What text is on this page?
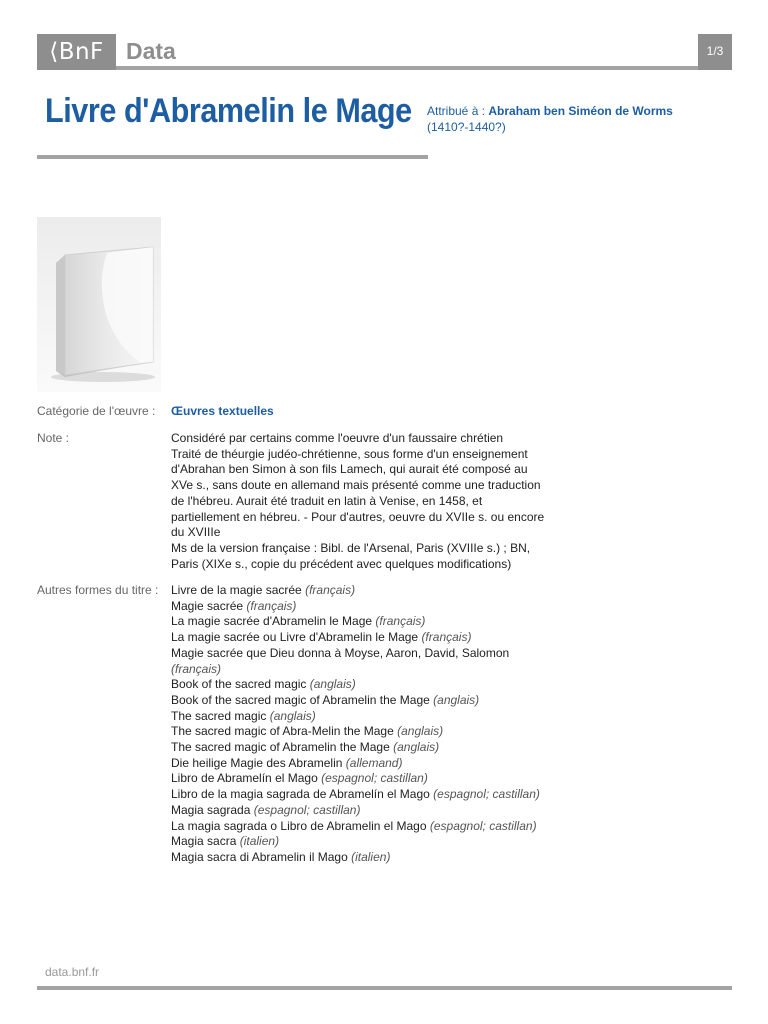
⟨BnF Data	1/3
Livre d'Abramelin le Mage Attribué à : Abraham ben Siméon de Worms
(1410?-1440?)
Catégorie de l'œuvre : Œuvres textuelles
Note :	Considéré par certains comme l'oeuvre d'un faussaire chrétien
Traité de théurgie judéo-chrétienne, sous forme d'un enseignement
d'Abrahan ben Simon à son fils Lamech, qui aurait été composé au
XVe s., sans doute en allemand mais présenté comme une traduction
de l'hébreu. Aurait été traduit en latin à Venise, en 1458, et
partiellement en hébreu. - Pour d'autres, oeuvre du XVIIe s. ou encore
du XVIIIe
Ms de la version française : Bibl. de l'Arsenal, Paris (XVIIIe s.) ; BN,
Paris (XIXe s., copie du précédent avec quelques modifications)
Autres formes du titre : Livre de la magie sacrée (français)
Magie sacrée (français)
La magie sacrée d'Abramelin le Mage (français)
La magie sacrée ou Livre d'Abramelin le Mage (français)
Magie sacrée que Dieu donna à Moyse, Aaron, David, Salomon (français)
Book of the sacred magic (anglais)
Book of the sacred magic of Abramelin the Mage (anglais)
The sacred magic (anglais)
The sacred magic of Abra-Melin the Mage (anglais)
The sacred magic of Abramelin the Mage (anglais)
Die heilige Magie des Abramelin (allemand)
Libro de Abramelín el Mago (espagnol; castillan)
Libro de la magia sagrada de Abramelín el Mago (espagnol; castillan)
Magia sagrada (espagnol; castillan)
La magia sagrada o Libro de Abramelin el Mago (espagnol; castillan)
Magia sacra (italien)
Magia sacra di Abramelin il Mago (italien)
data.bnf.fr
